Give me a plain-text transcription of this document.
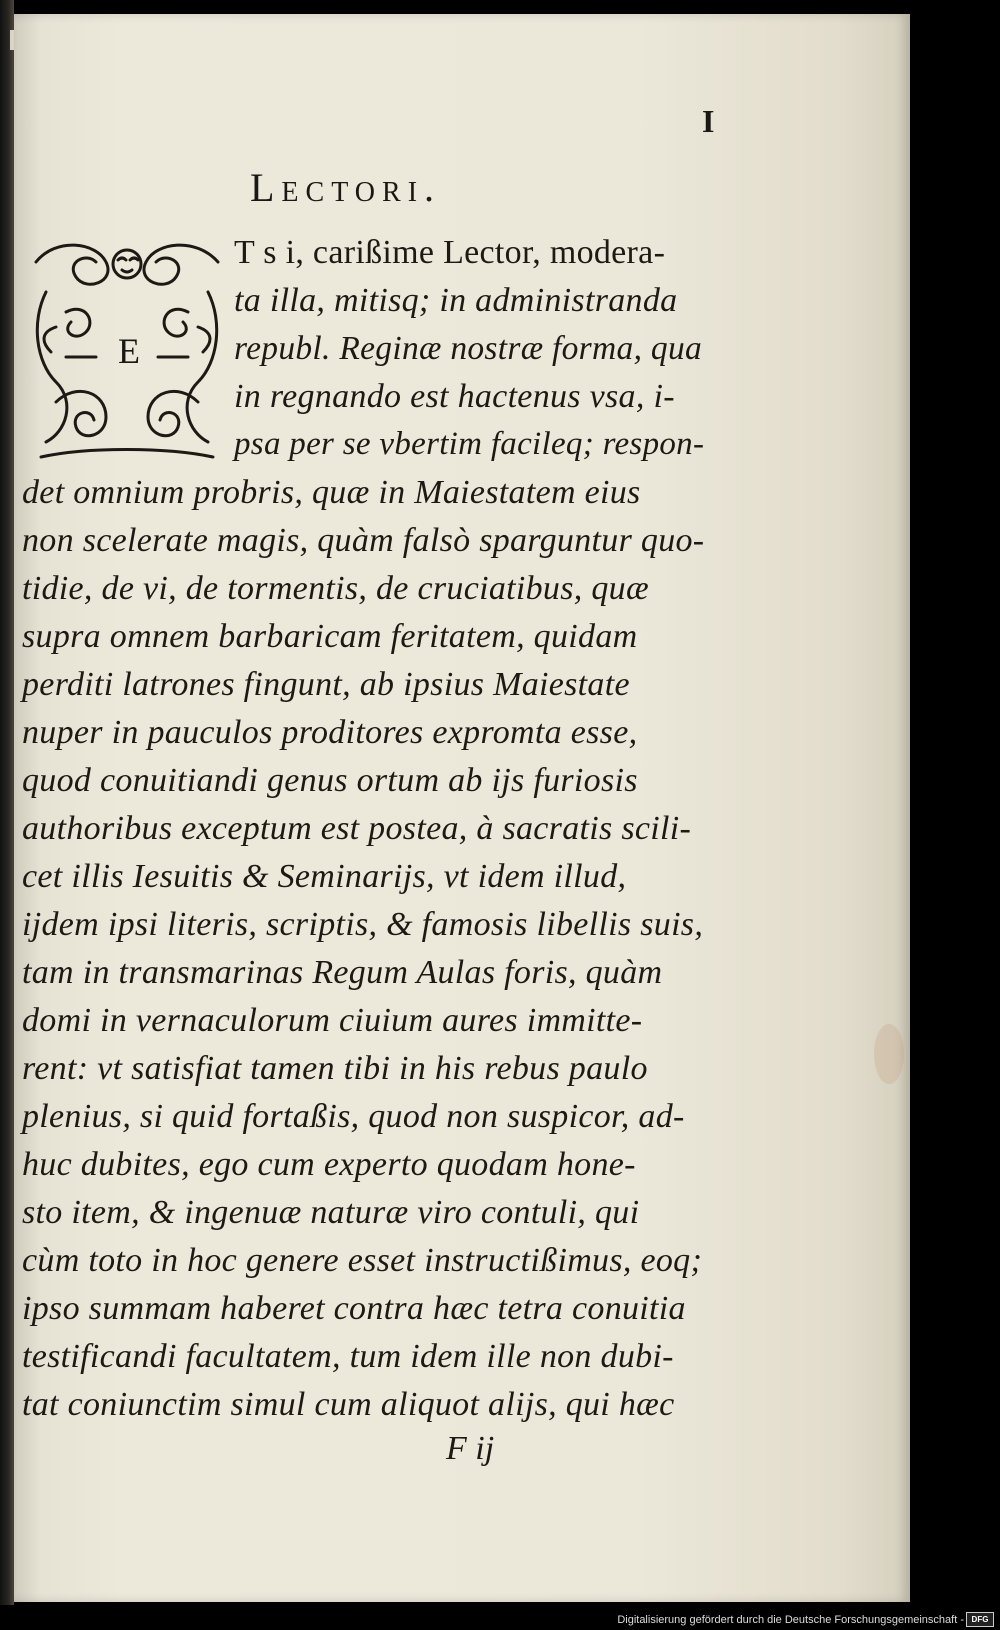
I
Lectori.
E
T s i, carißime Lector, modera-
ta illa, mitisq; in administranda
republ. Reginæ nostræ forma, qua
in regnando est hactenus vsa, i-
psa per se vbertim facileq; respon-
det omnium probris, quæ in Maiestatem eius
non scelerate magis, quàm falsò sparguntur quo-
tidie, de vi, de tormentis, de cruciatibus, quæ
supra omnem barbaricam feritatem, quidam
perditi latrones fingunt, ab ipsius Maiestate
nuper in pauculos proditores expromta esse,
quod conuitiandi genus ortum ab ijs furiosis
authoribus exceptum est postea, à sacratis scili-
cet illis Iesuitis & Seminarijs, vt idem illud,
ijdem ipsi literis, scriptis, & famosis libellis suis,
tam in transmarinas Regum Aulas foris, quàm
domi in vernaculorum ciuium aures immitte-
rent: vt satisfiat tamen tibi in his rebus paulo
plenius, si quid fortaßis, quod non suspicor, ad-
huc dubites, ego cum experto quodam hone-
sto item, & ingenuæ naturæ viro contuli, qui
cùm toto in hoc genere esset instructißimus, eoq;
ipso summam haberet contra hæc tetra conuitia
testificandi facultatem, tum idem ille non dubi-
tat coniunctim simul cum aliquot alijs, qui hæc
F ij
Digitalisierung gefördert durch die Deutsche Forschungsgemeinschaft - DFG
